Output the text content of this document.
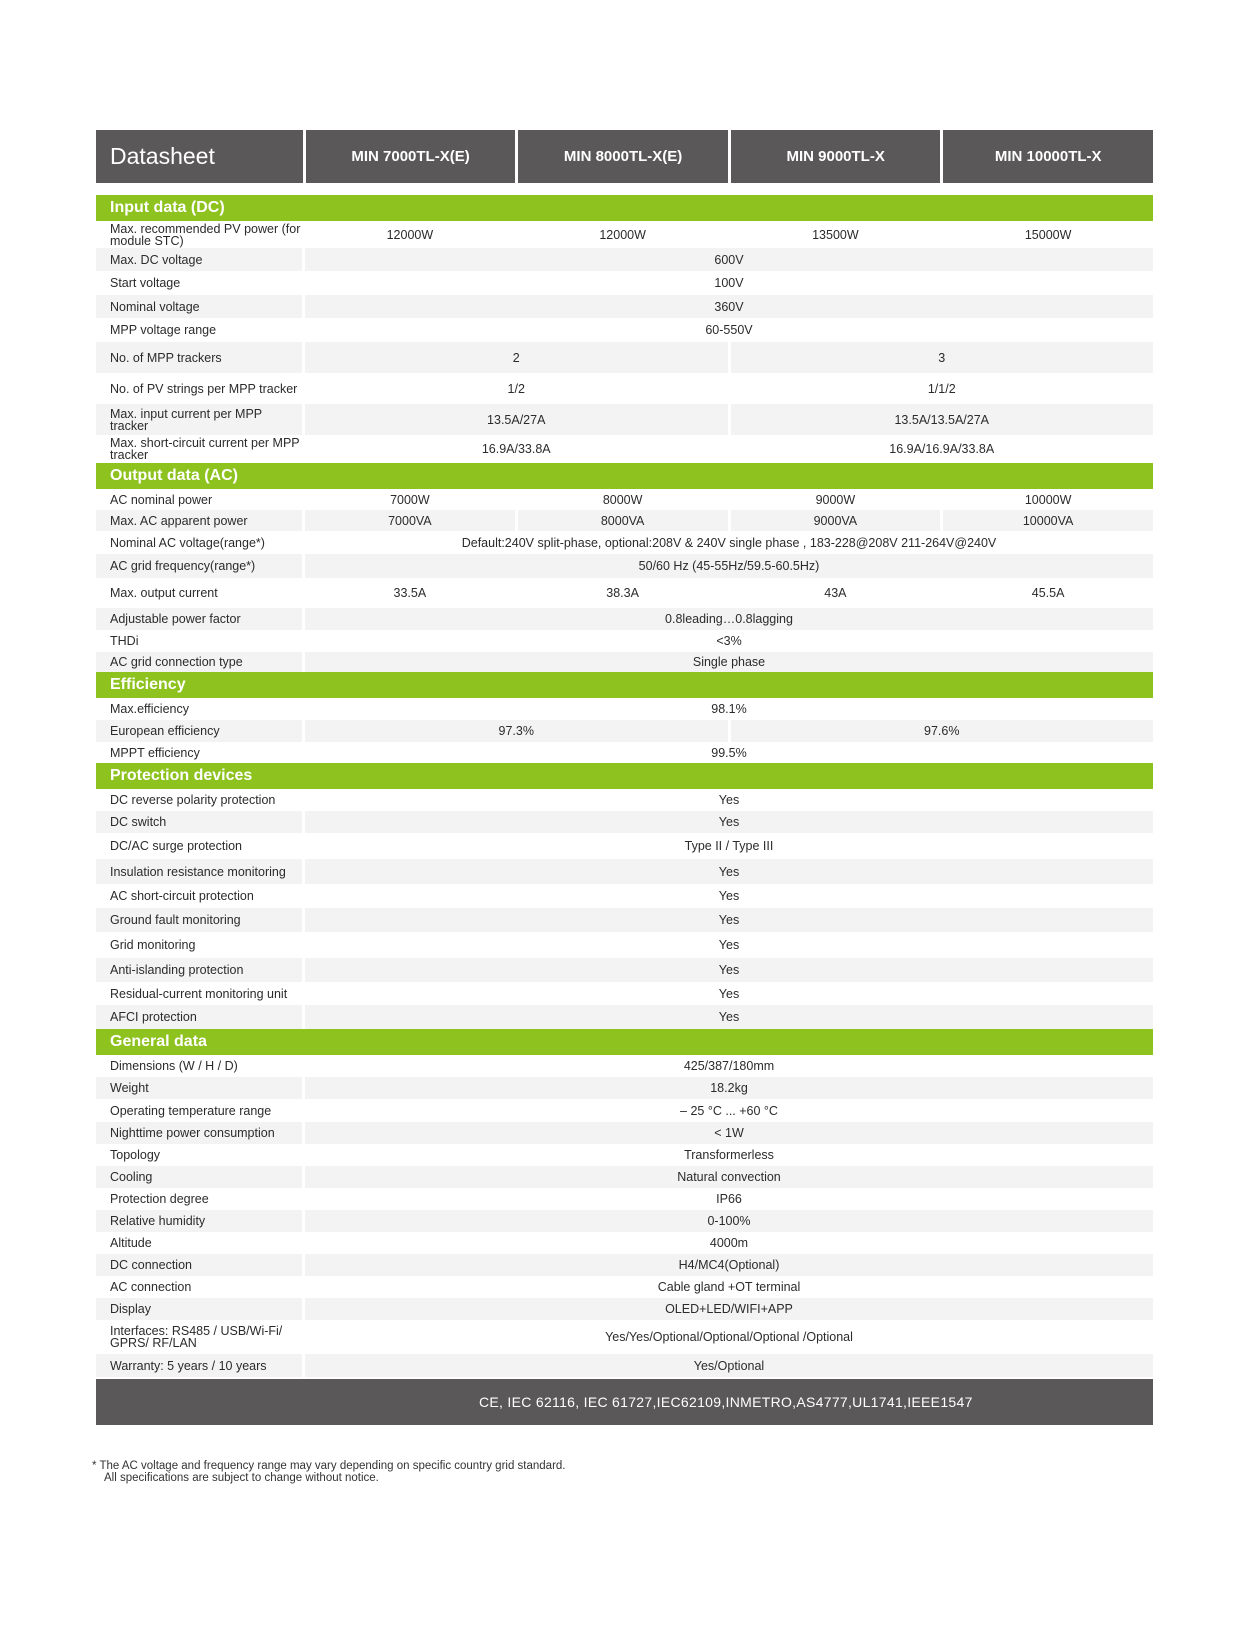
Datasheet	MIN 7000TL-X(E)	MIN 8000TL-X(E)	MIN 9000TL-X	MIN 10000TL-X
Input data (DC)
Max. recommended PV power (for module STC)	12000W	12000W	13500W	15000W
Max. DC voltage	600V
Start voltage	100V
Nominal voltage	360V
MPP voltage range	60-550V
No. of MPP trackers	2	3
No. of PV strings per MPP tracker	1/2	1/1/2
Max. input current per MPP tracker	13.5A/27A	13.5A/13.5A/27A
Max. short-circuit current per MPP tracker	16.9A/33.8A	16.9A/16.9A/33.8A
Output data (AC)
AC nominal power	7000W	8000W	9000W	10000W
Max. AC apparent power	7000VA	8000VA	9000VA	10000VA
Nominal AC voltage(range*)	Default:240V split-phase, optional:208V & 240V single phase , 183-228@208V 211-264V@240V
AC grid frequency(range*)	50/60 Hz (45-55Hz/59.5-60.5Hz)
Max. output current	33.5A	38.3A	43A	45.5A
Adjustable power factor	0.8leading…0.8lagging
THDi	<3%
AC grid connection type	Single phase
Efficiency
Max.efficiency	98.1%
European efficiency	97.3%	97.6%
MPPT efficiency	99.5%
Protection devices
DC reverse polarity protection	Yes
DC switch	Yes
DC/AC surge protection	Type II / Type III
Insulation resistance monitoring	Yes
AC short-circuit protection	Yes
Ground fault monitoring	Yes
Grid monitoring	Yes
Anti-islanding protection	Yes
Residual-current monitoring unit	Yes
AFCI protection	Yes
General data
Dimensions (W / H / D)	425/387/180mm
Weight	18.2kg
Operating temperature range	– 25 °C ... +60 °C
Nighttime power consumption	< 1W
Topology	Transformerless
Cooling	Natural convection
Protection degree	IP66
Relative humidity	0-100%
Altitude	4000m
DC connection	H4/MC4(Optional)
AC connection	Cable gland +OT terminal
Display	OLED+LED/WIFI+APP
Interfaces: RS485 / USB/Wi-Fi/ GPRS/ RF/LAN	Yes/Yes/Optional/Optional/Optional /Optional
Warranty: 5 years / 10 years	Yes/Optional
CE, IEC 62116, IEC 61727,IEC62109,INMETRO,AS4777,UL1741,IEEE1547
* The AC voltage and frequency range may vary depending on specific country grid standard.
All specifications are subject to change without notice.
